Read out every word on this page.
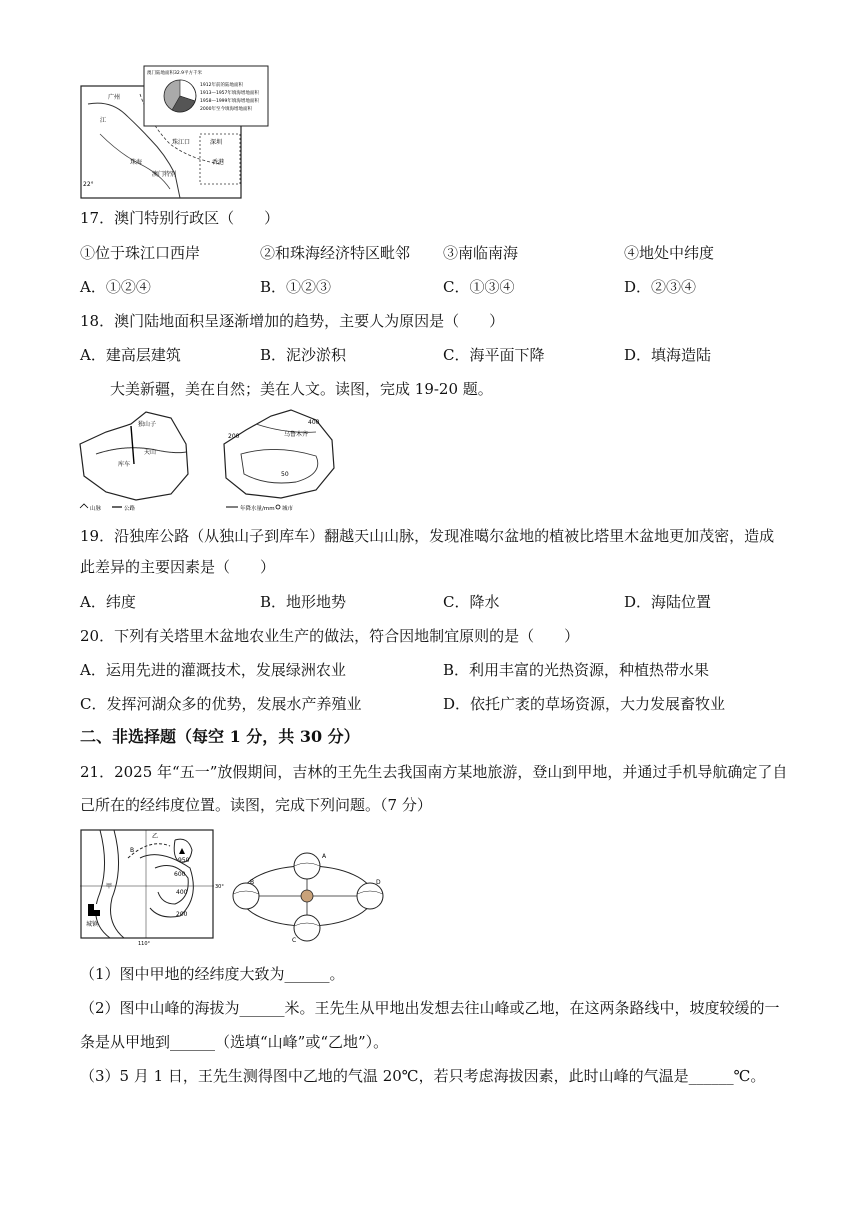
广州
江
珠海
澳门特别
深圳
香港
珠江口
22°
1912年前的陆地面积
1913—1957年填海增地面积
1958—1999年填海增地面积
2000年至今填海增地面积
澳门陆地面积32.9平方千米
17．澳门特别行政区（　　）
①位于珠江口西岸	②和珠海经济特区毗邻 ③南临南海	④地处中纬度
A．①②④	B．①②③	C．①③④	D．②③④
18．澳门陆地面积呈逐渐增加的趋势，主要人为原因是（　　）
A．建高层建筑	B．泥沙淤积	C．海平面下降	D．填海造陆
大美新疆，美在自然；美在人文。读图，完成 19-20 题。
独山子
天山
库车
山脉	公路
乌鲁木齐
50
200
400
年降水量/mm 城市
19．沿独库公路（从独山子到库车）翻越天山山脉，发现准噶尔盆地的植被比塔里木盆地更加茂密，造成
此差异的主要因素是（　　）
A．纬度	B．地形地势	C．降水	D．海陆位置
20．下列有关塔里木盆地农业生产的做法，符合因地制宜原则的是（　　）
A．运用先进的灌溉技术，发展绿洲农业	B．利用丰富的光热资源，种植热带水果
C．发挥河湖众多的优势，发展水产养殖业	D．依托广袤的草场资源，大力发展畜牧业
二、非选择题（每空 1 分，共 30 分）
21．2025 年“五一”放假期间，吉林的王先生去我国南方某地旅游，登山到甲地，并通过手机导航确定了自
己所在的经纬度位置。读图，完成下列问题。（7 分）
950
乙
B
甲
600
400
200
30°
110°
城镇
A
B
C
D
（1）图中甲地的经纬度大致为______。
（2）图中山峰的海拔为______米。王先生从甲地出发想去往山峰或乙地，在这两条路线中，坡度较缓的一
条是从甲地到______（选填“山峰”或“乙地”）。
（3）5 月 1 日，王先生测得图中乙地的气温 20℃，若只考虑海拔因素，此时山峰的气温是______℃。
